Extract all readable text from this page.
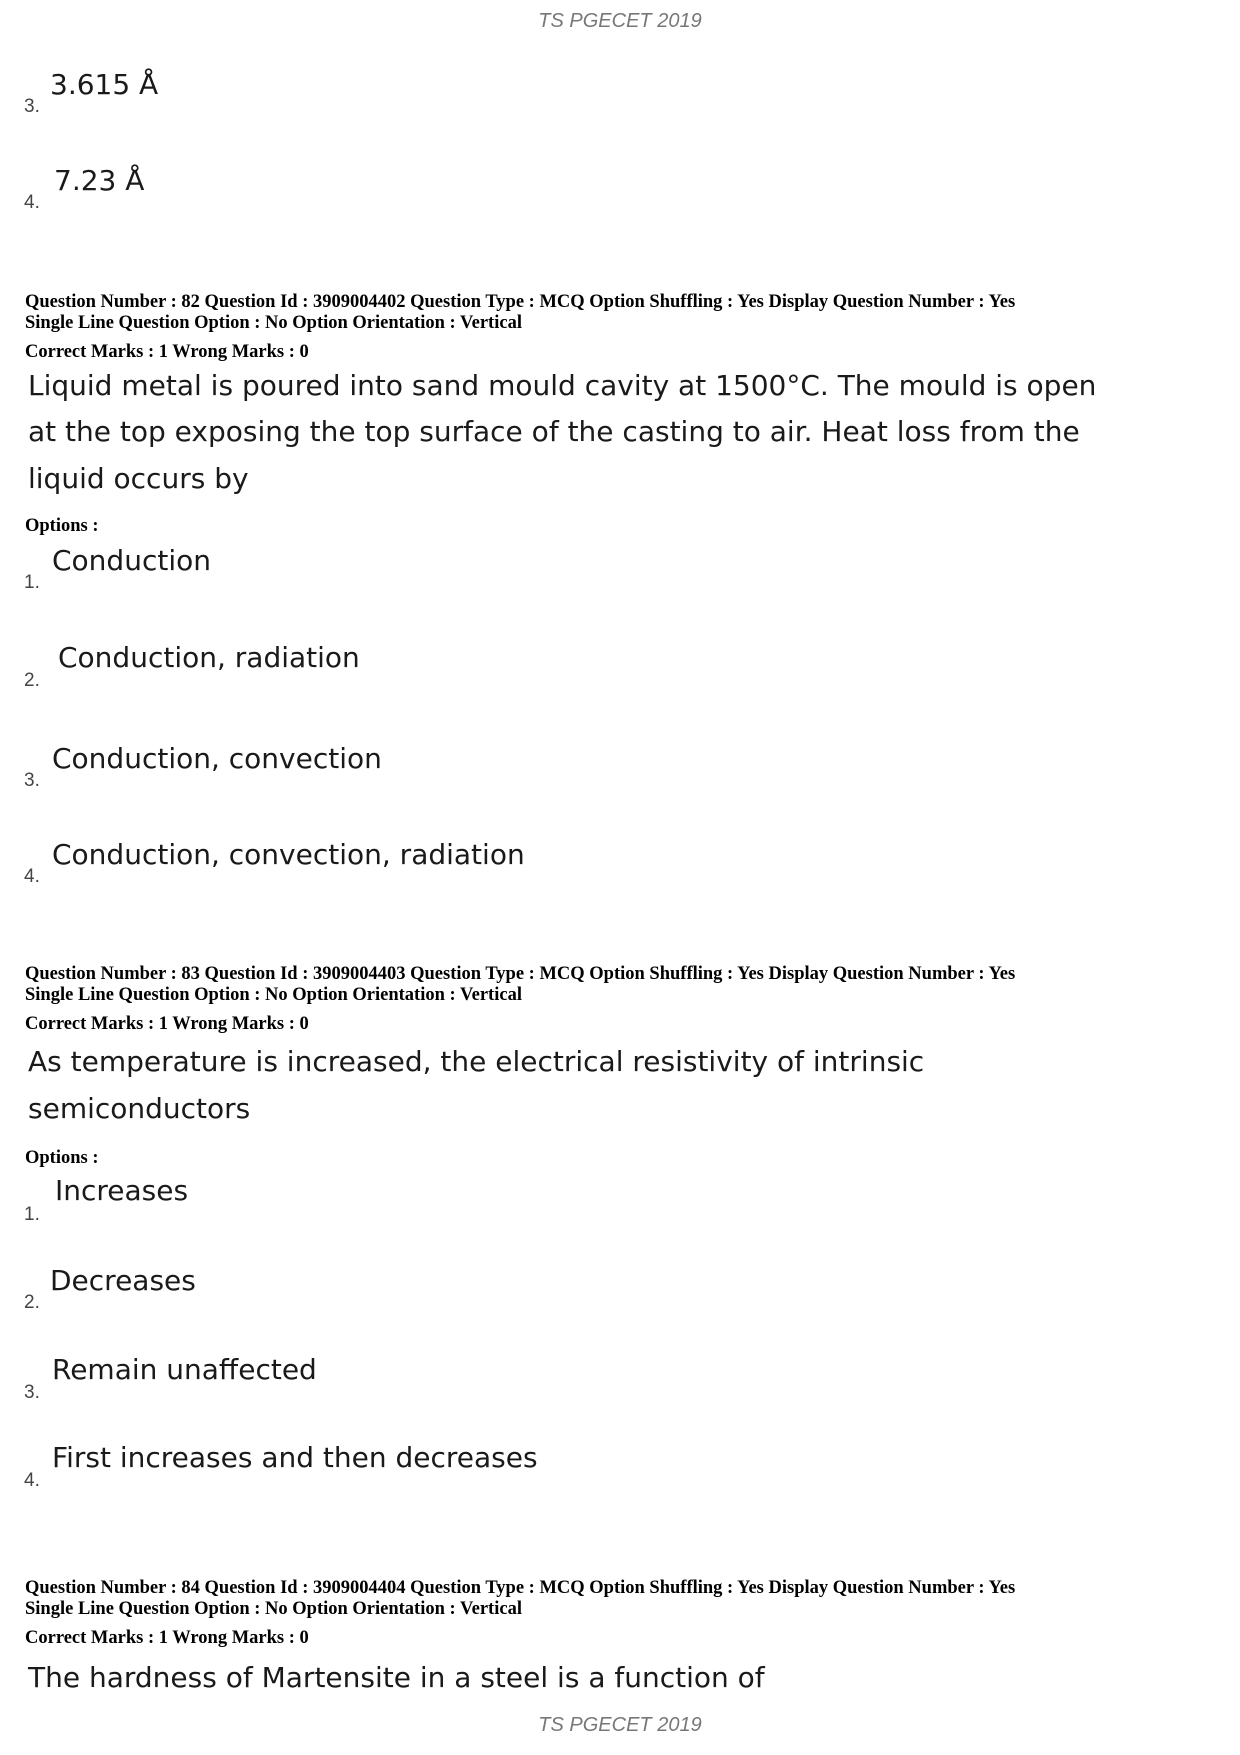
TS PGECET 2019
3.
3.615 Å
4.
7.23 Å
Question Number : 82 Question Id : 3909004402 Question Type : MCQ Option Shuffling : Yes Display Question Number : Yes
Single Line Question Option : No Option Orientation : Vertical
Correct Marks : 1 Wrong Marks : 0
Liquid metal is poured into sand mould cavity at 1500°C. The mould is open
at the top exposing the top surface of the casting to air. Heat loss from the
liquid occurs by
Options :
1.
Conduction
2.
Conduction, radiation
3.
Conduction, convection
4.
Conduction, convection, radiation
Question Number : 83 Question Id : 3909004403 Question Type : MCQ Option Shuffling : Yes Display Question Number : Yes
Single Line Question Option : No Option Orientation : Vertical
Correct Marks : 1 Wrong Marks : 0
As temperature is increased, the electrical resistivity of intrinsic
semiconductors
Options :
1.
Increases
2.
Decreases
3.
Remain unaffected
4.
First increases and then decreases
Question Number : 84 Question Id : 3909004404 Question Type : MCQ Option Shuffling : Yes Display Question Number : Yes
Single Line Question Option : No Option Orientation : Vertical
Correct Marks : 1 Wrong Marks : 0
The hardness of Martensite in a steel is a function of
TS PGECET 2019
